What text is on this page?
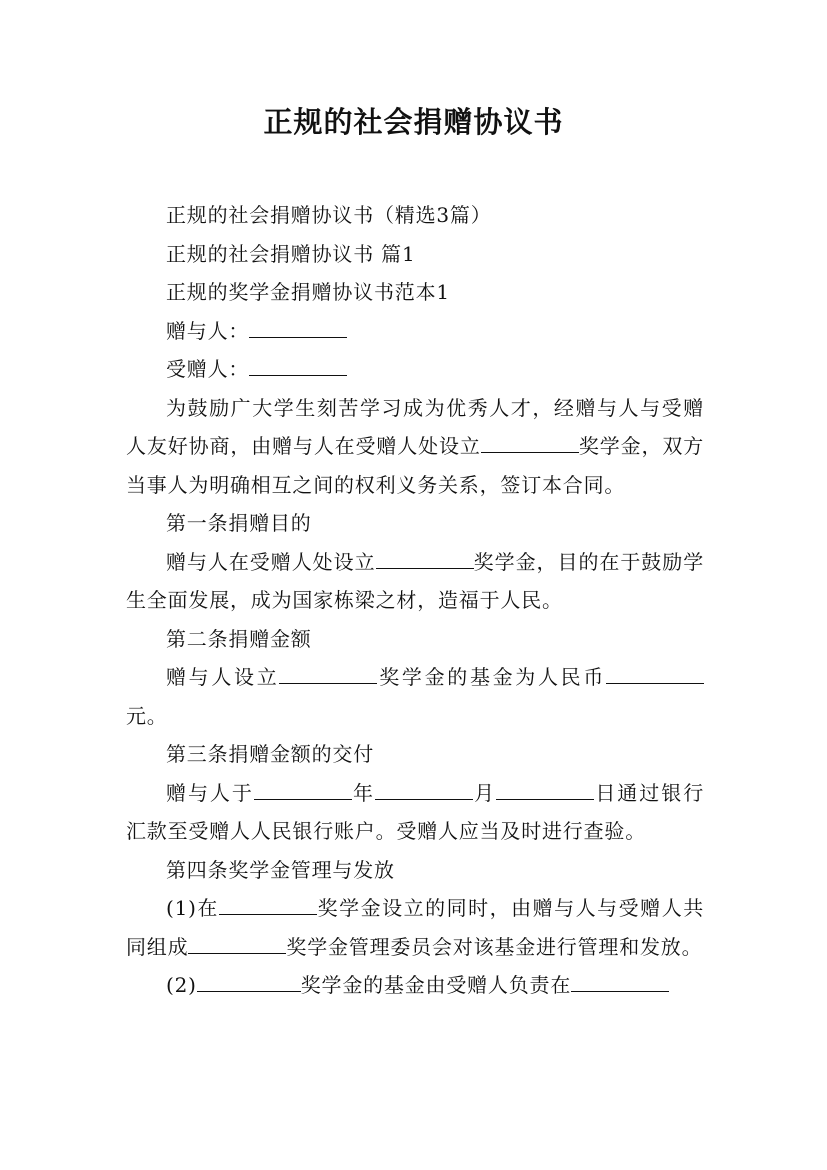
正规的社会捐赠协议书

正规的社会捐赠协议书（精选3篇）

正规的社会捐赠协议书 篇1

正规的奖学金捐赠协议书范本1

赠与人：

受赠人：

为鼓励广大学生刻苦学习成为优秀人才，经赠与人与受赠人友好协商，由赠与人在受赠人处设立	奖学金，双方当事人为明确相互之间的权利义务关系，签订本合同。

第一条捐赠目的

赠与人在受赠人处设立	奖学金，目的在于鼓励学生全面发展，成为国家栋梁之材，造福于人民。

第二条捐赠金额

赠与人设立	奖学金的基金为人民币元。

第三条捐赠金额的交付

赠与人于	年	月	日通过银行汇款至受赠人人民银行账户。受赠人应当及时进行查验。

第四条奖学金管理与发放

(1)在	奖学金设立的同时，由赠与人与受赠人共同组成	奖学金管理委员会对该基金进行管理和发放。

(2)	奖学金的基金由受赠人负责在
